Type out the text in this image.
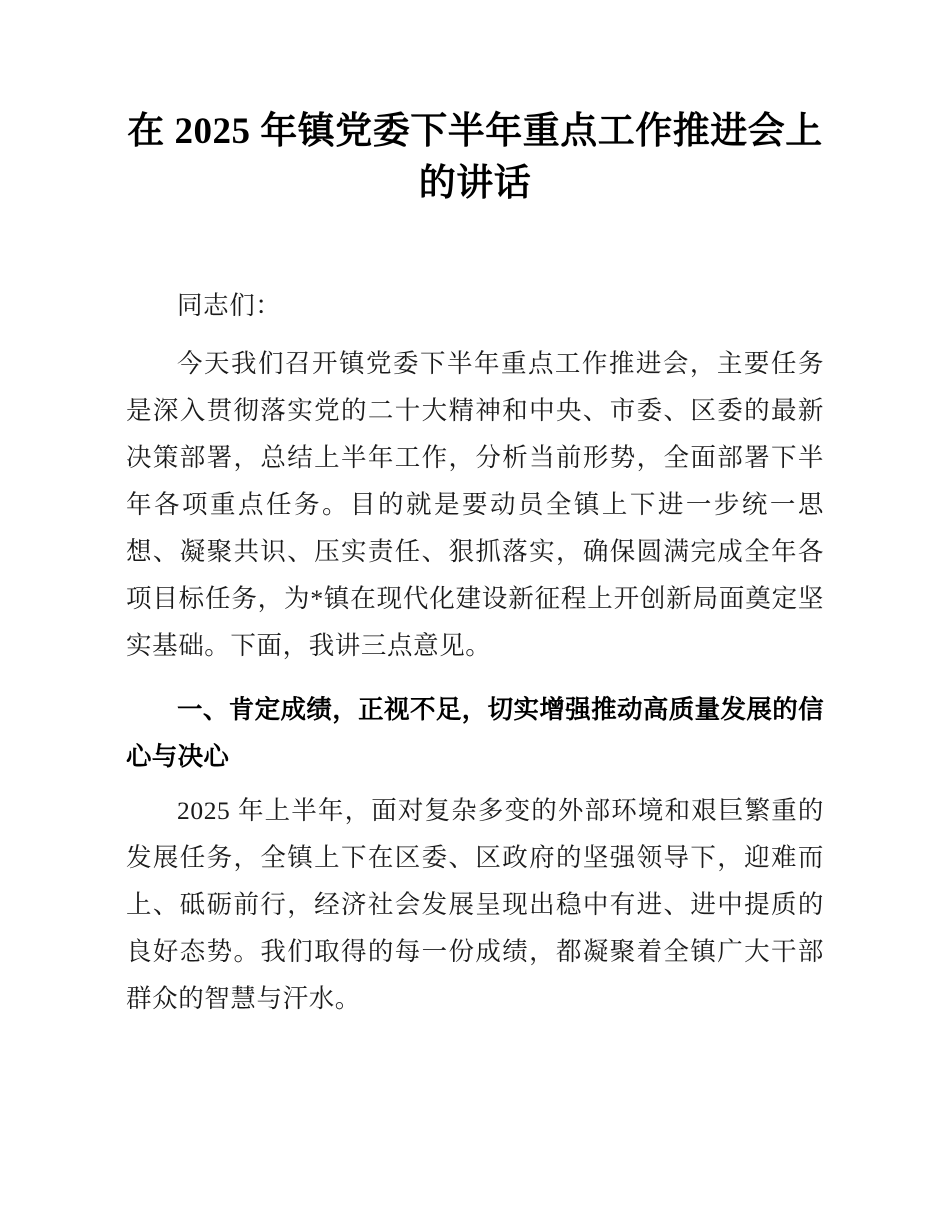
在 2025 年镇党委下半年重点工作推进会上的讲话

同志们：

今天我们召开镇党委下半年重点工作推进会，主要任务是深入贯彻落实党的二十大精神和中央、市委、区委的最新决策部署，总结上半年工作，分析当前形势，全面部署下半年各项重点任务。目的就是要动员全镇上下进一步统一思想、凝聚共识、压实责任、狠抓落实，确保圆满完成全年各项目标任务，为*镇在现代化建设新征程上开创新局面奠定坚实基础。下面，我讲三点意见。

一、肯定成绩，正视不足，切实增强推动高质量发展的信心与决心

2025 年上半年，面对复杂多变的外部环境和艰巨繁重的发展任务，全镇上下在区委、区政府的坚强领导下，迎难而上、砥砺前行，经济社会发展呈现出稳中有进、进中提质的良好态势。我们取得的每一份成绩，都凝聚着全镇广大干部群众的智慧与汗水。
